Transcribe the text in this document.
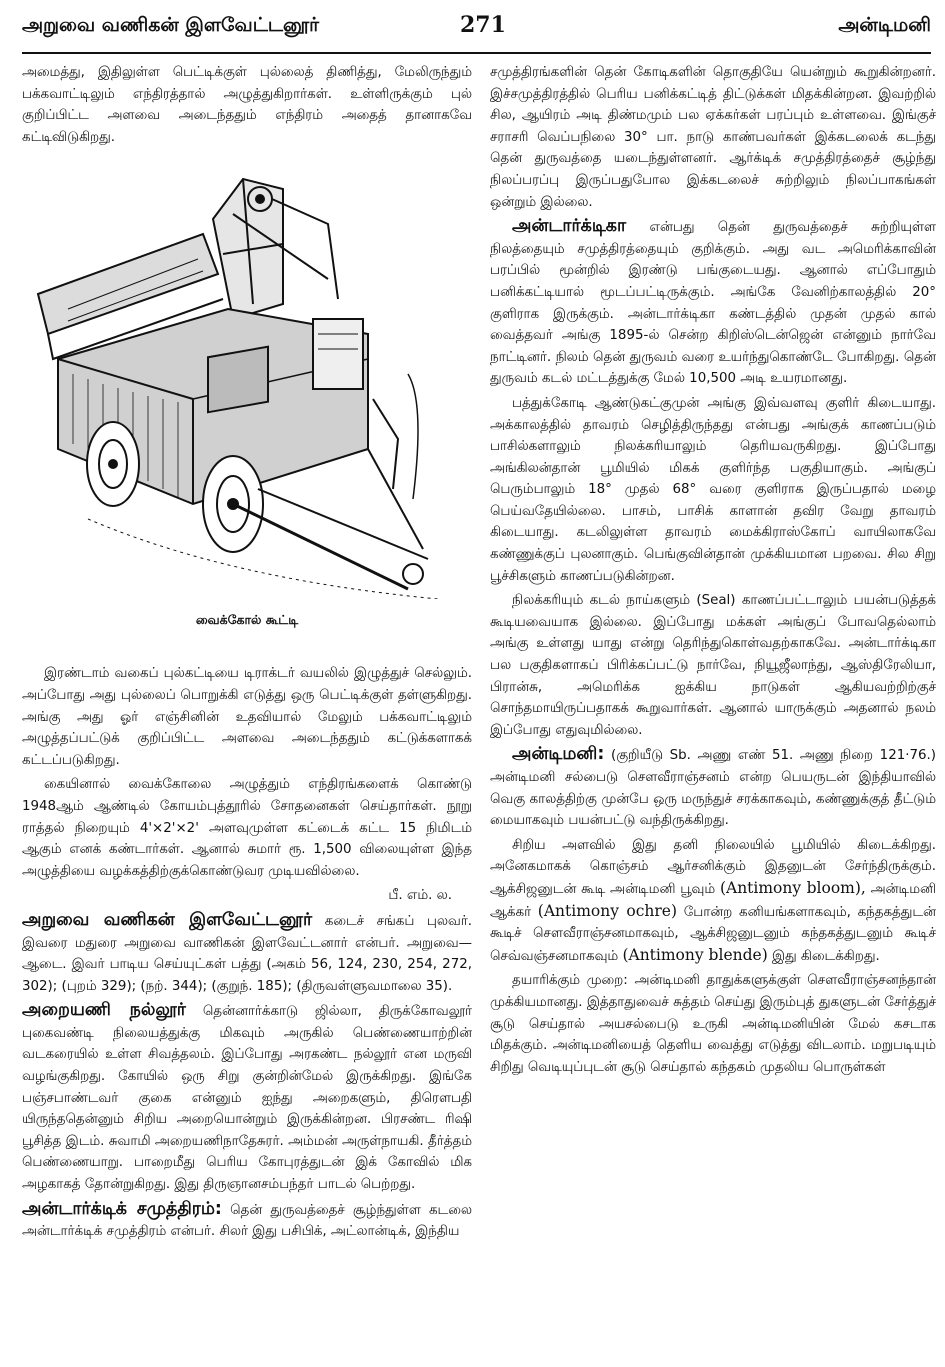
அறுவை வணிகன் இளவேட்டனூர்	271	அன்டிமனி

அமைத்து, இதிலுள்ள பெட்டிக்குள் புல்லைத் திணித்து, மேலிருந்தும் பக்கவாட்டிலும் எந்திரத்தால் அழுத்துகிறார்கள். உள்ளிருக்கும் புல் குறிப்பிட்ட அளவை அடைந்ததும் எந்திரம் அதைத் தானாகவே கட்டிவிடுகிறது.

வைக்கோல் கூட்டி

இரண்டாம் வகைப் புல்கட்டியை டிராக்டர் வயலில் இழுத்துச் செல்லும். அப்போது அது புல்லைப் பொறுக்கி எடுத்து ஒரு பெட்டிக்குள் தள்ளுகிறது. அங்கு அது ஓர் எஞ்சினின் உதவியால் மேலும் பக்கவாட்டிலும் அழுத்தப்பட்டுக் குறிப்பிட்ட அளவை அடைந்ததும் கட்டுக்களாகக் கட்டப்படுகிறது.

கையினால் வைக்கோலை அழுத்தும் எந்திரங்களைக் கொண்டு 1948ஆம் ஆண்டில் கோயம்புத்தூரில் சோதனைகள் செய்தார்கள். நூறு ராத்தல் நிறையும் 4'×2'×2' அளவுமுள்ள கட்டைக் கட்ட 15 நிமிடம் ஆகும் எனக் கண்டார்கள். ஆனால் சுமார் ரூ. 1,500 விலையுள்ள இந்த அழுத்தியை வழக்கத்திற்குக்கொண்டுவர முடியவில்லை.

பீ. எம். ல.

அறுவை வணிகன் இளவேட்டனூர் கடைச் சங்கப் புலவர். இவரை மதுரை அறுவை வாணிகன் இளவேட்டனார் என்பர். அறுவை—ஆடை. இவர் பாடிய செய்யுட்கள் பத்து (அகம் 56, 124, 230, 254, 272, 302); (புறம் 329); (நற். 344); (குறுந். 185); (திருவள்ளுவமாலை 35).

அறையணி நல்லூர் தென்னார்க்காடு ஜில்லா, திருக்கோவலூர் புகைவண்டி நிலையத்துக்கு மிகவும் அருகில் பெண்ணையாற்றின் வடகரையில் உள்ள சிவத்தலம். இப்போது அரகண்ட நல்லூர் என மருவி வழங்குகிறது. கோயில் ஒரு சிறு குன்றின்மேல் இருக்கிறது. இங்கே பஞ்சபாண்டவர் குகை என்னும் ஐந்து அறைகளும், திரௌபதி யிருந்ததென்னும் சிறிய அறையொன்றும் இருக்கின்றன. பிரசண்ட ரிஷி பூசித்த இடம். சுவாமி அறையணிநாதேசுரர். அம்மன் அருள்நாயகி. தீர்த்தம் பெண்ணையாறு. பாறைமீது பெரிய கோபுரத்துடன் இக் கோவில் மிக அழகாகத் தோன்றுகிறது. இது திருஞானசம்பந்தர் பாடல் பெற்றது.

அன்டார்க்டிக் சமுத்திரம்: தென் துருவத்தைச் சூழ்ந்துள்ள கடலை அன்டார்க்டிக் சமுத்திரம் என்பர். சிலர் இது பசிபிக், அட்லான்டிக், இந்திய

சமுத்திரங்களின் தென் கோடிகளின் தொகுதியே யென்றும் கூறுகின்றனர். இச்சமுத்திரத்தில் பெரிய பனிக்கட்டித் திட்டுக்கள் மிதக்கின்றன. இவற்றில் சில, ஆயிரம் அடி திண்மமும் பல ஏக்கர்கள் பரப்பும் உள்ளவை. இங்குச் சராசரி வெப்பநிலை 30° பா. நாடு காண்பவர்கள் இக்கடலைக் கடந்து தென் துருவத்தை யடைந்துள்ளனர். ஆர்க்டிக் சமுத்திரத்தைச் சூழ்ந்து நிலப்பரப்பு இருப்பதுபோல இக்கடலைச் சுற்றிலும் நிலப்பாகங்கள் ஒன்றும் இல்லை.

அன்டார்க்டிகா என்பது தென் துருவத்தைச் சுற்றியுள்ள நிலத்தையும் சமுத்திரத்தையும் குறிக்கும். அது வட அமெரிக்காவின் பரப்பில் மூன்றில் இரண்டு பங்குடையது. ஆனால் எப்போதும் பனிக்கட்டியால் மூடப்பட்டிருக்கும். அங்கே வேனிற்காலத்தில் 20° குளிராக இருக்கும். அன்டார்க்டிகா கண்டத்தில் முதன் முதல் கால் வைத்தவர் அங்கு 1895-ல் சென்ற கிறிஸ்டென்ஜென் என்னும் நார்வே நாட்டினர். நிலம் தென் துருவம் வரை உயர்ந்துகொண்டே போகிறது. தென் துருவம் கடல் மட்டத்துக்கு மேல் 10,500 அடி உயரமானது.

பத்துக்கோடி ஆண்டுகட்குமுன் அங்கு இவ்வளவு குளிர் கிடையாது. அக்காலத்தில் தாவரம் செழித்திருந்தது என்பது அங்குக் காணப்படும் பாசில்களாலும் நிலக்கரியாலும் தெரியவருகிறது. இப்போது அங்கிலன்தான் பூமியில் மிகக் குளிர்ந்த பகுதியாகும். அங்குப் பெரும்பாலும் 18° முதல் 68° வரை குளிராக இருப்பதால் மழை பெய்வதேயில்லை. பாசம், பாசிக் காளான் தவிர வேறு தாவரம் கிடையாது. கடலிலுள்ள தாவரம் மைக்கிராஸ்கோப் வாயிலாகவே கண்ணுக்குப் புலனாகும். பெங்குவின்தான் முக்கியமான பறவை. சில சிறு பூச்சிகளும் காணப்படுகின்றன.

நிலக்கரியும் கடல் நாய்களும் (Seal) காணப்பட்டாலும் பயன்படுத்தக் கூடியவையாக இல்லை. இப்போது மக்கள் அங்குப் போவதெல்லாம் அங்கு உள்ளது யாது என்று தெரிந்துகொள்வதற்காகவே. அன்டார்க்டிகா பல பகுதிகளாகப் பிரிக்கப்பட்டு நார்வே, நியூஜீலாந்து, ஆஸ்திரேலியா, பிரான்சு, அமெரிக்க ஐக்கிய நாடுகள் ஆகியவற்றிற்குச் சொந்தமாயிருப்பதாகக் கூறுவார்கள். ஆனால் யாருக்கும் அதனால் நலம் இப்போது எதுவுமில்லை.

அன்டிமனி: (குறியீடு Sb. அணு எண் 51. அணு நிறை 121·76.) அன்டிமனி சல்பைடு சௌவீராஞ்சனம் என்ற பெயருடன் இந்தியாவில் வெகு காலத்திற்கு முன்பே ஒரு மருந்துச் சரக்காகவும், கண்ணுக்குத் தீட்டும் மையாகவும் பயன்பட்டு வந்திருக்கிறது.

சிறிய அளவில் இது தனி நிலையில் பூமியில் கிடைக்கிறது. அனேகமாகக் கொஞ்சம் ஆர்சனிக்கும் இதனுடன் சேர்ந்திருக்கும். ஆக்சிஜனுடன் கூடி அன்டிமனி பூவும் (Antimony bloom), அன்டிமனி ஆக்கர் (Antimony ochre) போன்ற கனியங்களாகவும், கந்தகத்துடன் கூடிச் சௌவீராஞ்சனமாகவும், ஆக்சிஜனுடனும் கந்தகத்துடனும் கூடிச் செவ்வஞ்சனமாகவும் (Antimony blende) இது கிடைக்கிறது.

தயாரிக்கும் முறை: அன்டிமனி தாதுக்களுக்குள் சௌவீராஞ்சனந்தான் முக்கியமானது. இத்தாதுவைச் சுத்தம் செய்து இரும்புத் துகளுடன் சேர்த்துச் சூடு செய்தால் அயசல்பைடு உருகி அன்டிமனியின் மேல் கசடாக மிதக்கும். அன்டிமனியைத் தெளிய வைத்து எடுத்து விடலாம். மறுபடியும் சிறிது வெடியுப்புடன் சூடு செய்தால் கந்தகம் முதலிய பொருள்கள்
